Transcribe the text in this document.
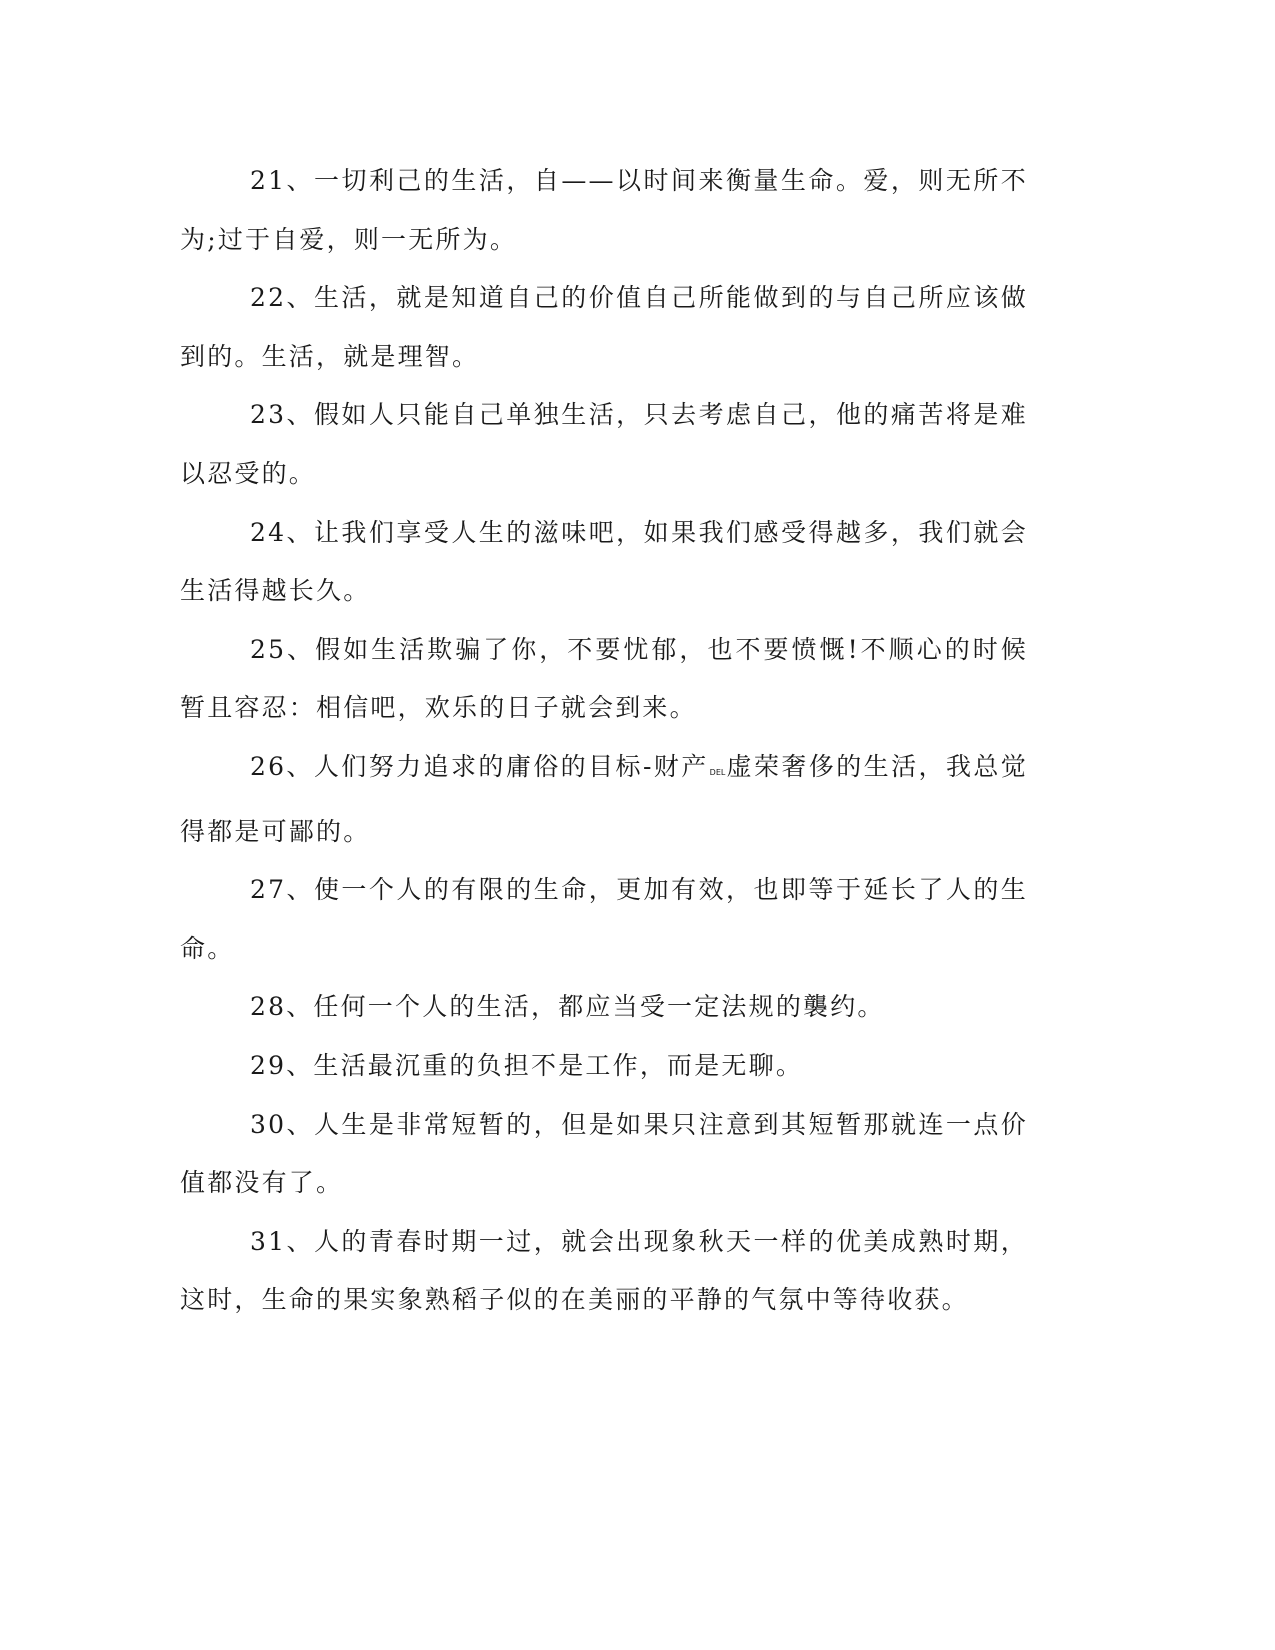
21、一切利己的生活，自——以时间来衡量生命。爱，则无所不为;过于自爱，则一无所为。

22、生活，就是知道自己的价值自己所能做到的与自己所应该做到的。生活，就是理智。

23、假如人只能自己单独生活，只去考虑自己，他的痛苦将是难以忍受的。

24、让我们享受人生的滋味吧，如果我们感受得越多，我们就会生活得越长久。

25、假如生活欺骗了你，不要忧郁，也不要愤慨!不顺心的时候暂且容忍：相信吧，欢乐的日子就会到来。

26、人们努力追求的庸俗的目标-财产DEL虚荣奢侈的生活，我总觉得都是可鄙的。

27、使一个人的有限的生命，更加有效，也即等于延长了人的生命。

28、任何一个人的生活，都应当受一定法规的襲约。

29、生活最沉重的负担不是工作，而是无聊。

30、人生是非常短暂的，但是如果只注意到其短暂那就连一点价值都没有了。

31、人的青春时期一过，就会出现象秋天一样的优美成熟时期，这时，生命的果实象熟稻子似的在美丽的平静的气氛中等待收获。
